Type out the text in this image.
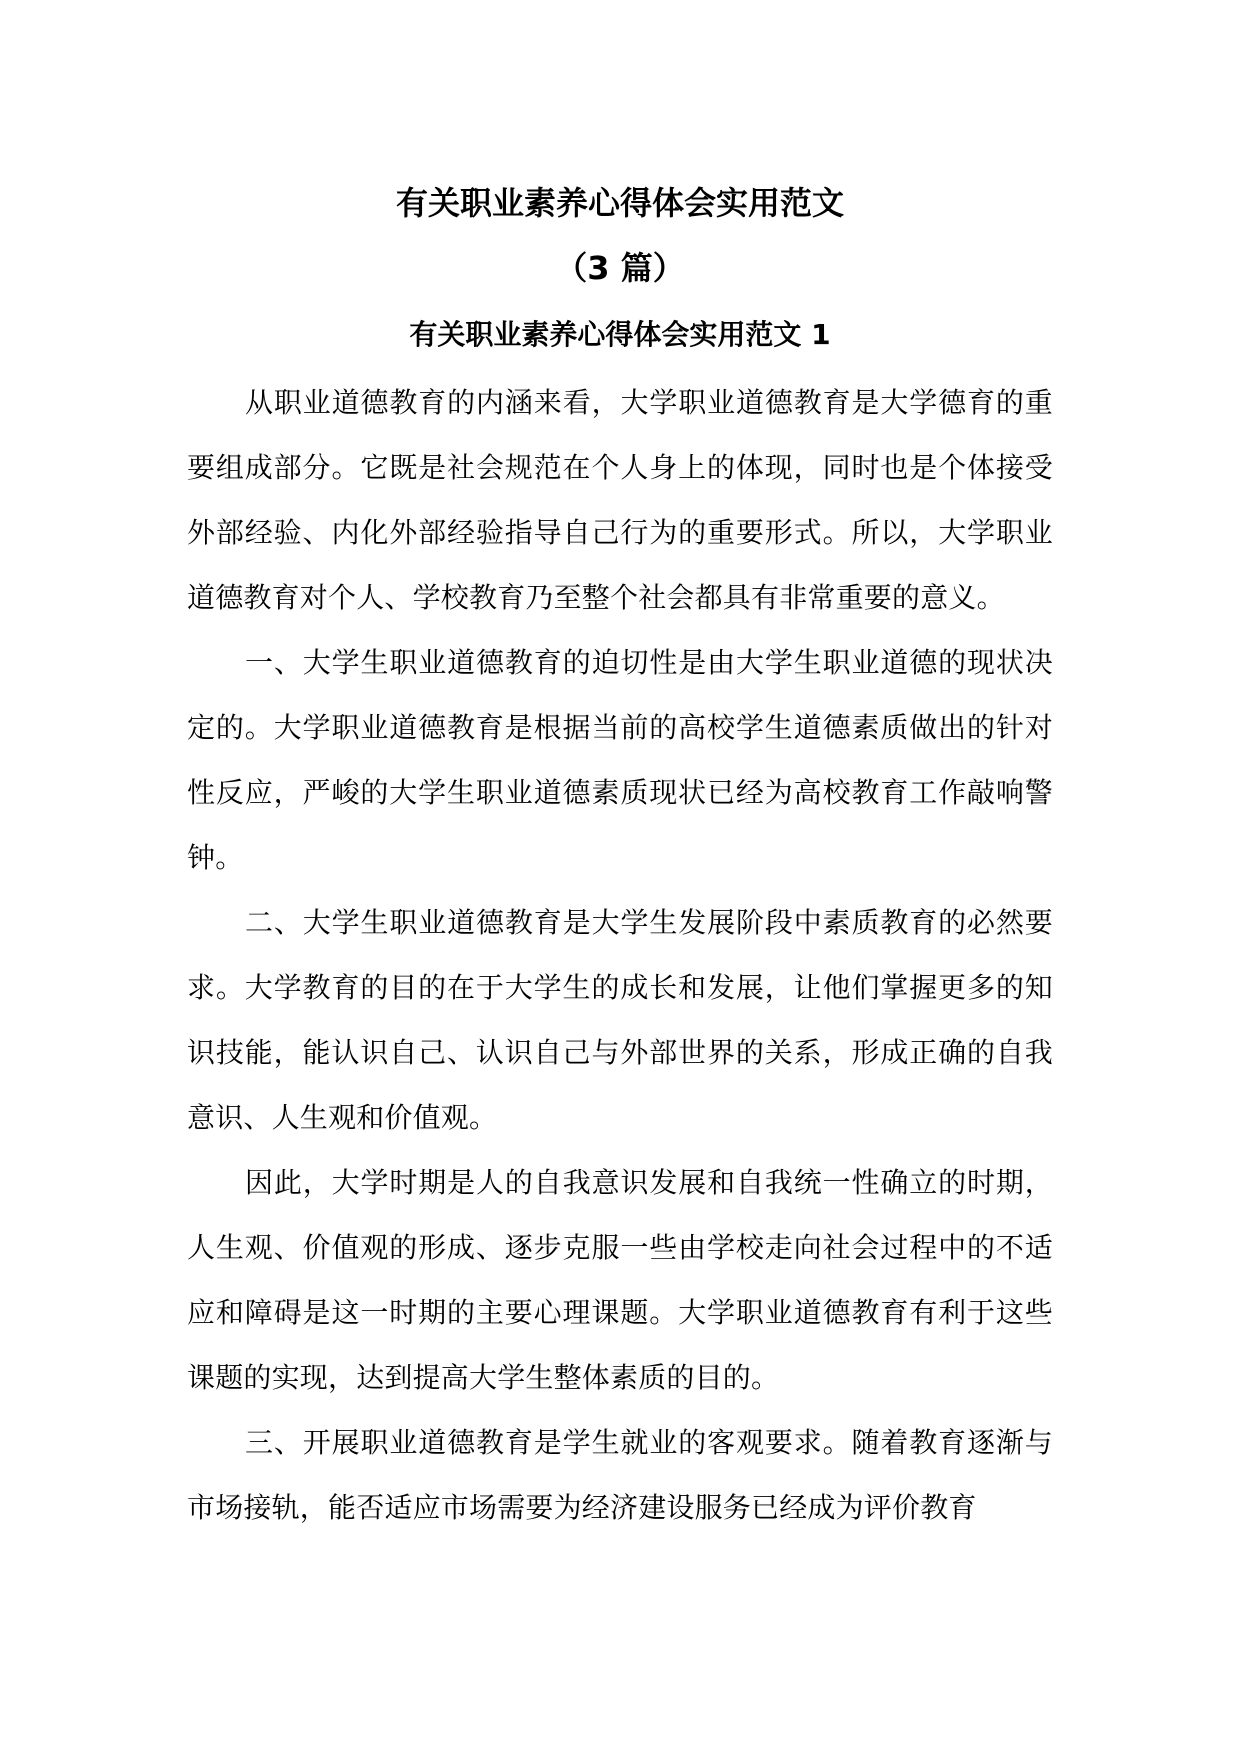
有关职业素养心得体会实用范文
（3 篇）
有关职业素养心得体会实用范文 1

从职业道德教育的内涵来看，大学职业道德教育是大学德育的重要组成部分。它既是社会规范在个人身上的体现，同时也是个体接受外部经验、内化外部经验指导自己行为的重要形式。所以，大学职业道德教育对个人、学校教育乃至整个社会都具有非常重要的意义。

一、大学生职业道德教育的迫切性是由大学生职业道德的现状决定的。大学职业道德教育是根据当前的高校学生道德素质做出的针对性反应，严峻的大学生职业道德素质现状已经为高校教育工作敲响警钟。

二、大学生职业道德教育是大学生发展阶段中素质教育的必然要求。大学教育的目的在于大学生的成长和发展，让他们掌握更多的知识技能，能认识自己、认识自己与外部世界的关系，形成正确的自我意识、人生观和价值观。

因此，大学时期是人的自我意识发展和自我统一性确立的时期，人生观、价值观的形成、逐步克服一些由学校走向社会过程中的不适应和障碍是这一时期的主要心理课题。大学职业道德教育有利于这些课题的实现，达到提高大学生整体素质的目的。

三、开展职业道德教育是学生就业的客观要求。随着教育逐渐与市场接轨，能否适应市场需要为经济建设服务已经成为评价教育
